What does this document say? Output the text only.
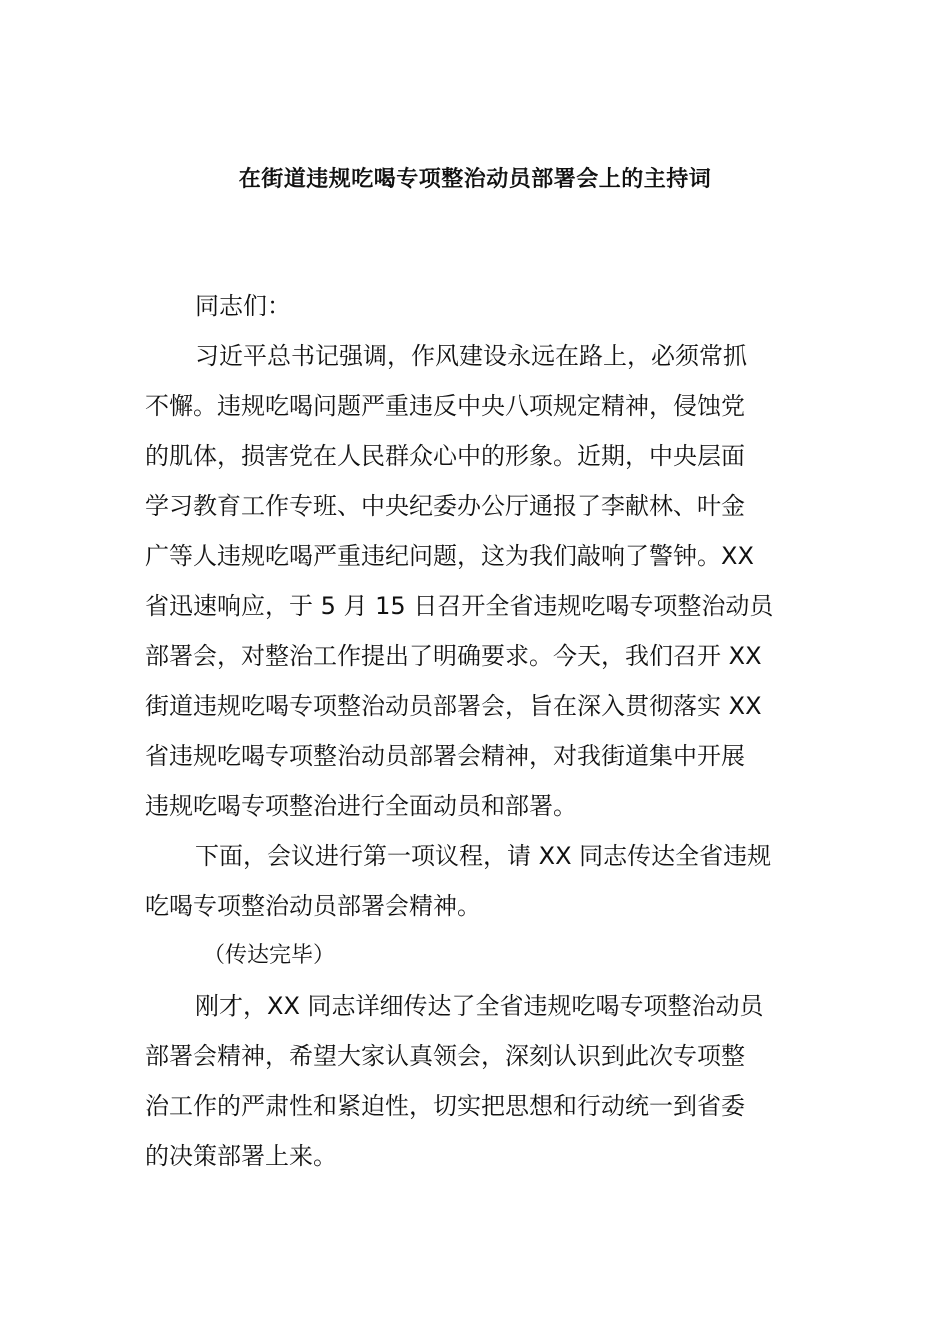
在街道违规吃喝专项整治动员部署会上的主持词
同志们：
习近平总书记强调，作风建设永远在路上，必须常抓
不懈。违规吃喝问题严重违反中央八项规定精神，侵蚀党
的肌体，损害党在人民群众心中的形象。近期，中央层面
学习教育工作专班、中央纪委办公厅通报了李献林、叶金
广等人违规吃喝严重违纪问题，这为我们敲响了警钟。XX
省迅速响应，于 5 月 15 日召开全省违规吃喝专项整治动员
部署会，对整治工作提出了明确要求。今天，我们召开 XX
街道违规吃喝专项整治动员部署会，旨在深入贯彻落实 XX
省违规吃喝专项整治动员部署会精神，对我街道集中开展
违规吃喝专项整治进行全面动员和部署。
下面，会议进行第一项议程，请 XX 同志传达全省违规
吃喝专项整治动员部署会精神。
（传达完毕）
刚才，XX 同志详细传达了全省违规吃喝专项整治动员
部署会精神，希望大家认真领会，深刻认识到此次专项整
治工作的严肃性和紧迫性，切实把思想和行动统一到省委
的决策部署上来。
